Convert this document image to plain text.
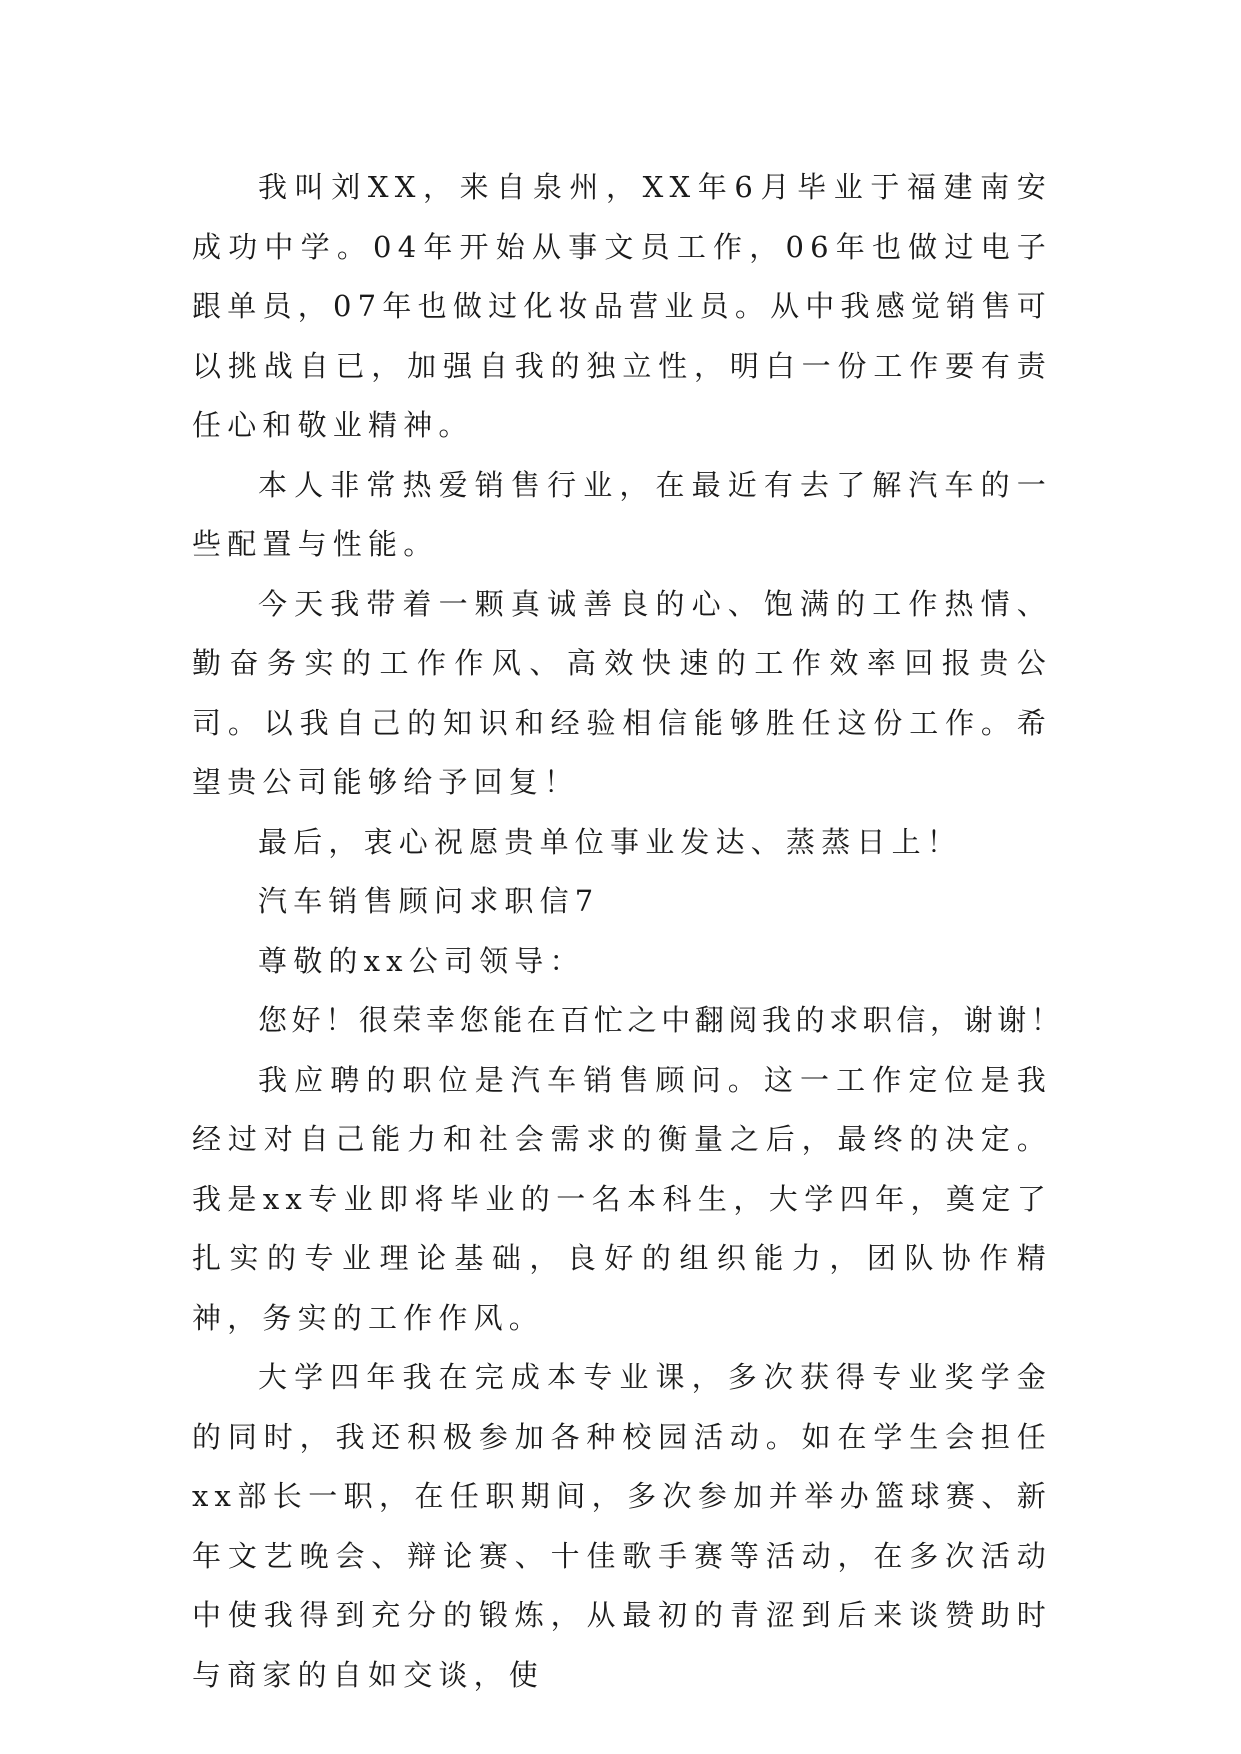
我叫刘XX，来自泉州，XX年6月毕业于福建南安成功中学。04年开始从事文员工作，06年也做过电子跟单员，07年也做过化妆品营业员。从中我感觉销售可以挑战自已，加强自我的独立性，明白一份工作要有责任心和敬业精神。

本人非常热爱销售行业，在最近有去了解汽车的一些配置与性能。

今天我带着一颗真诚善良的心、饱满的工作热情、勤奋务实的工作作风、高效快速的工作效率回报贵公司。以我自己的知识和经验相信能够胜任这份工作。希望贵公司能够给予回复！

最后，衷心祝愿贵单位事业发达、蒸蒸日上！

汽车销售顾问求职信7

尊敬的xx公司领导：

您好！很荣幸您能在百忙之中翻阅我的求职信，谢谢！

我应聘的职位是汽车销售顾问。这一工作定位是我经过对自己能力和社会需求的衡量之后，最终的决定。我是xx专业即将毕业的一名本科生，大学四年，奠定了扎实的专业理论基础，良好的组织能力，团队协作精神，务实的工作作风。

大学四年我在完成本专业课，多次获得专业奖学金的同时，我还积极参加各种校园活动。如在学生会担任xx部长一职，在任职期间，多次参加并举办篮球赛、新年文艺晚会、辩论赛、十佳歌手赛等活动，在多次活动中使我得到充分的锻炼，从最初的青涩到后来谈赞助时与商家的自如交谈，使
